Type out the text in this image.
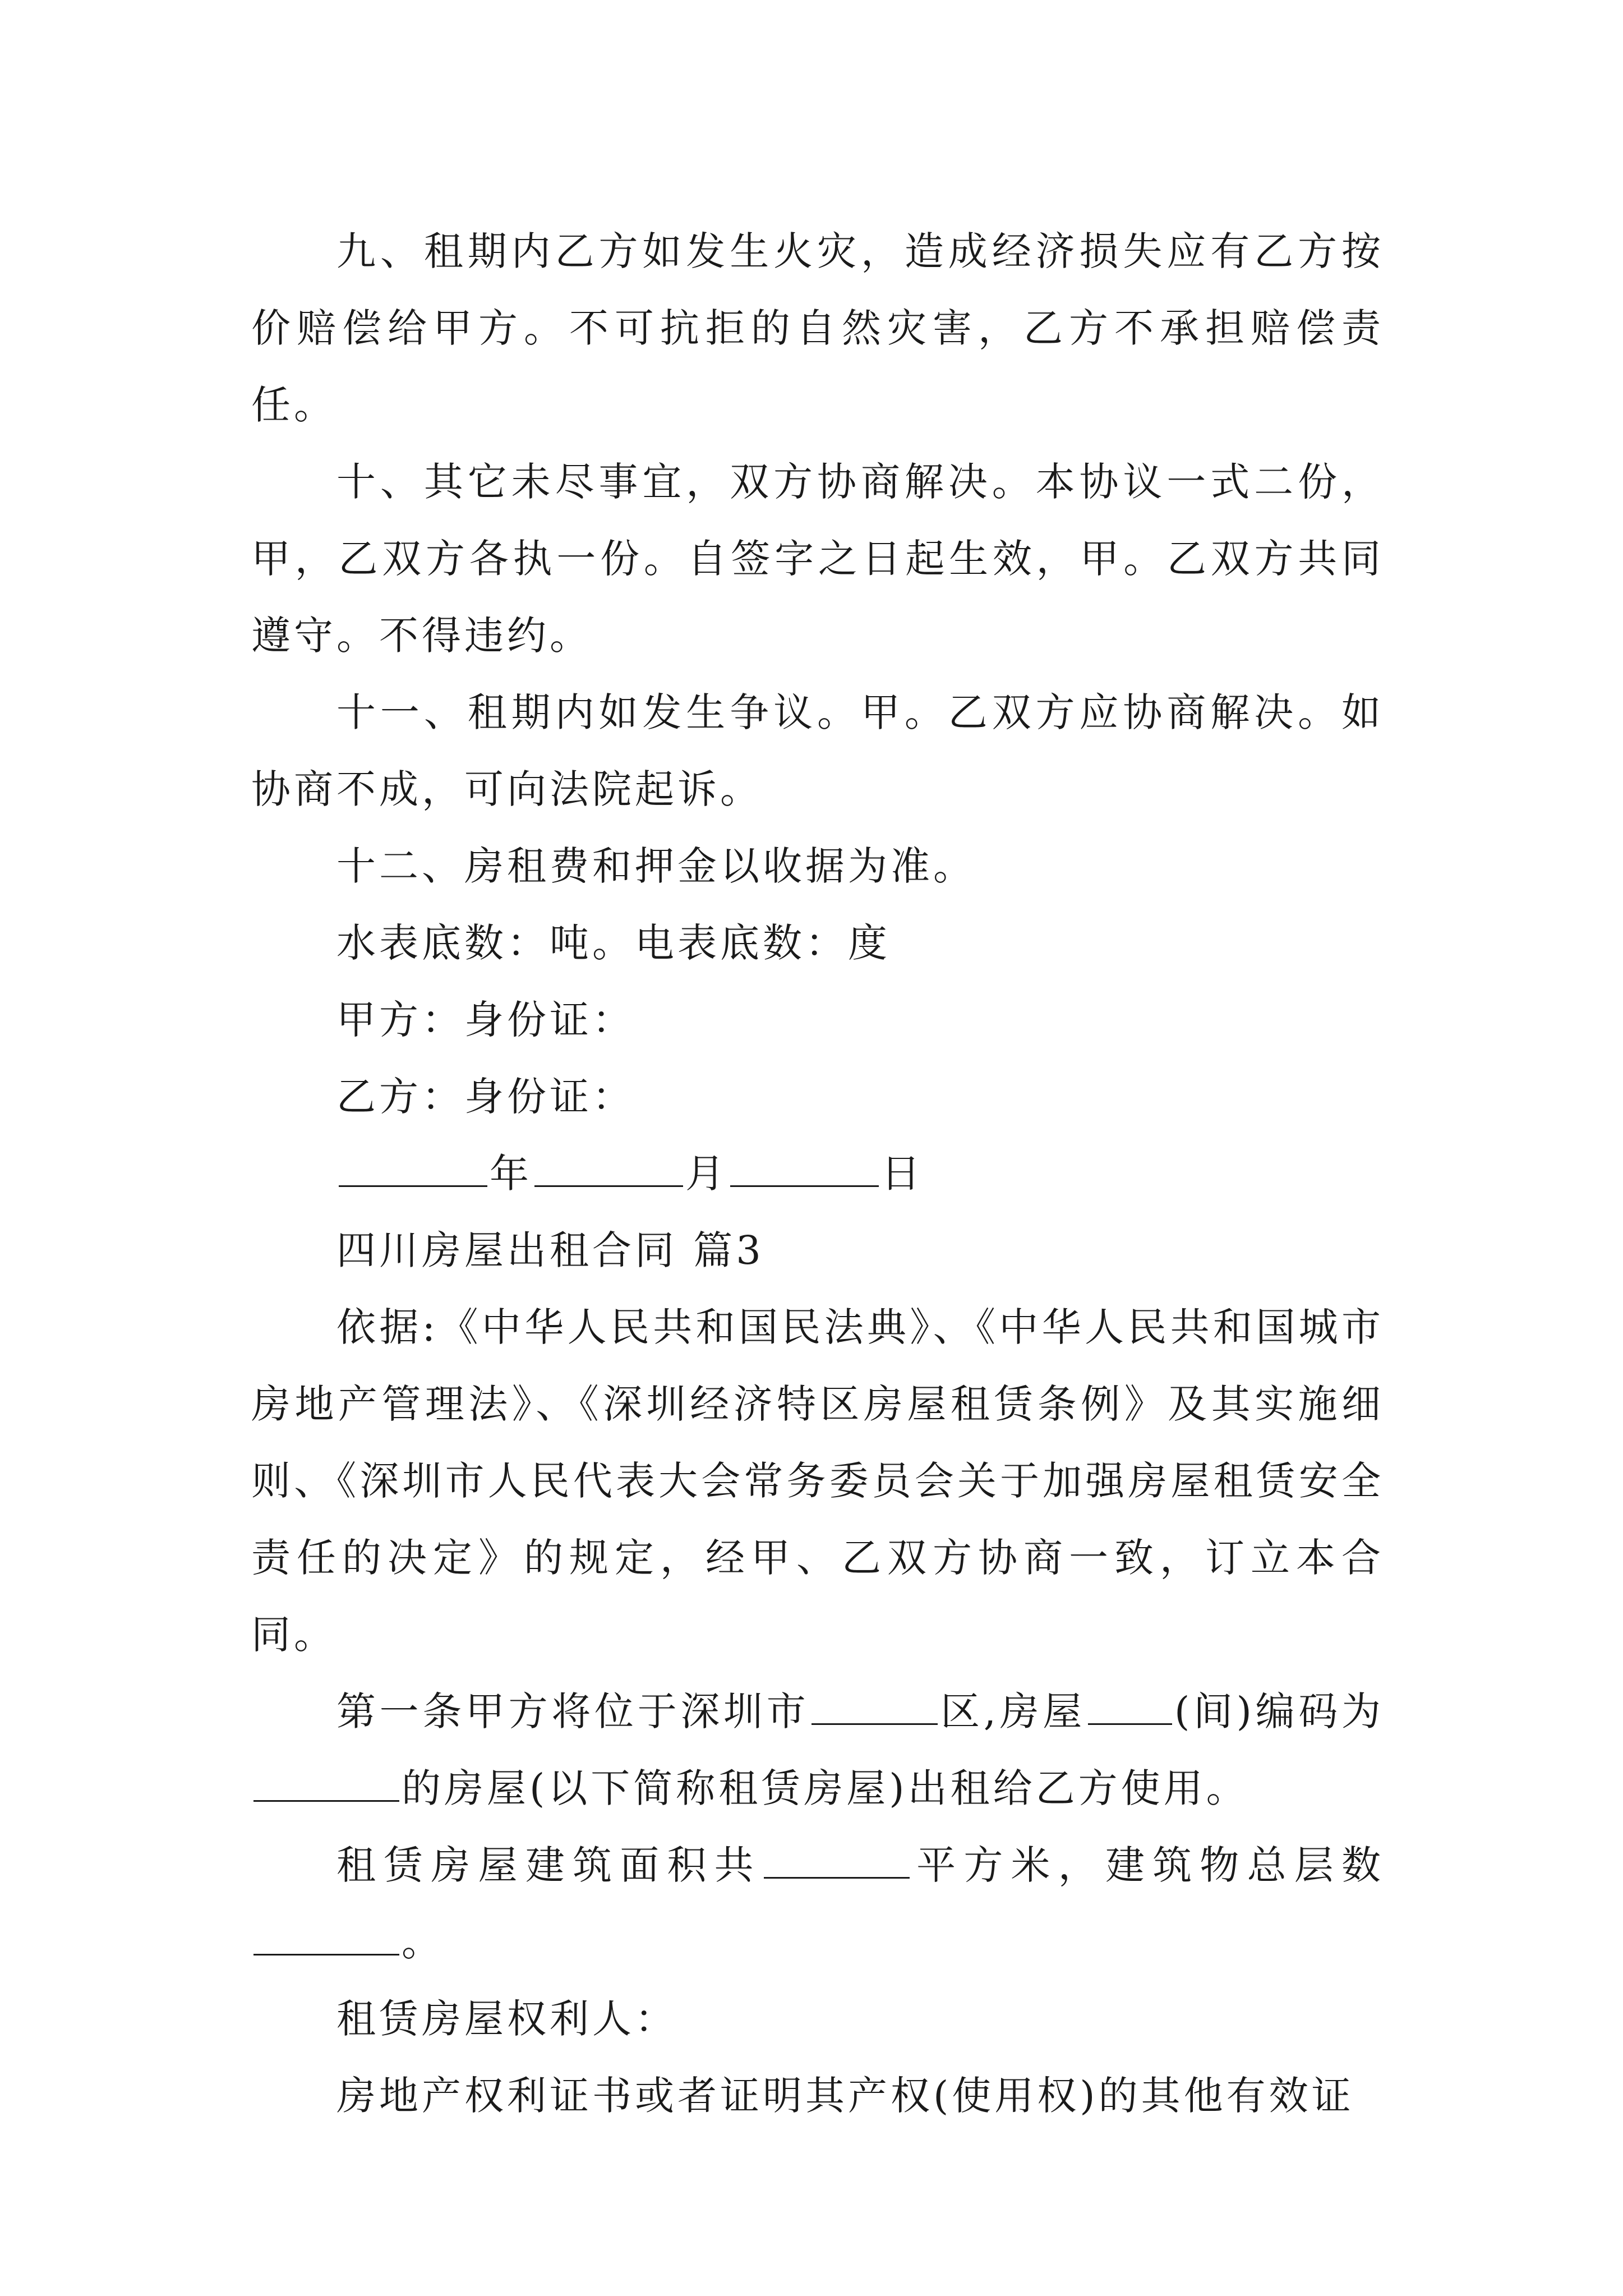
九、租期内乙方如发生火灾，造成经济损失应有乙方按价赔偿给甲方。不可抗拒的自然灾害，乙方不承担赔偿责任。

十、其它未尽事宜，双方协商解决。本协议一式二份，甲，乙双方各执一份。自签字之日起生效，甲。乙双方共同遵守。不得违约。

十一、租期内如发生争议。甲。乙双方应协商解决。如协商不成，可向法院起诉。

十二、房租费和押金以收据为准。

水表底数：吨。电表底数：度

甲方：身份证：

乙方：身份证：

年	月	日

四川房屋出租合同 篇3

依据:《中华人民共和国民法典》、《中华人民共和国城市房地产管理法》、《深圳经济特区房屋租赁条例》及其实施细则、《深圳市人民代表大会常务委员会关于加强房屋租赁安全责任的决定》的规定，经甲、乙双方协商一致，订立本合同。

第一条甲方将位于深圳市	区,房屋 (间)编码为的房屋(以下简称租赁房屋)出租给乙方使用。

租赁房屋建筑面积共	平方米，建筑物总层数。

租赁房屋权利人：

房地产权利证书或者证明其产权(使用权)的其他有效证
